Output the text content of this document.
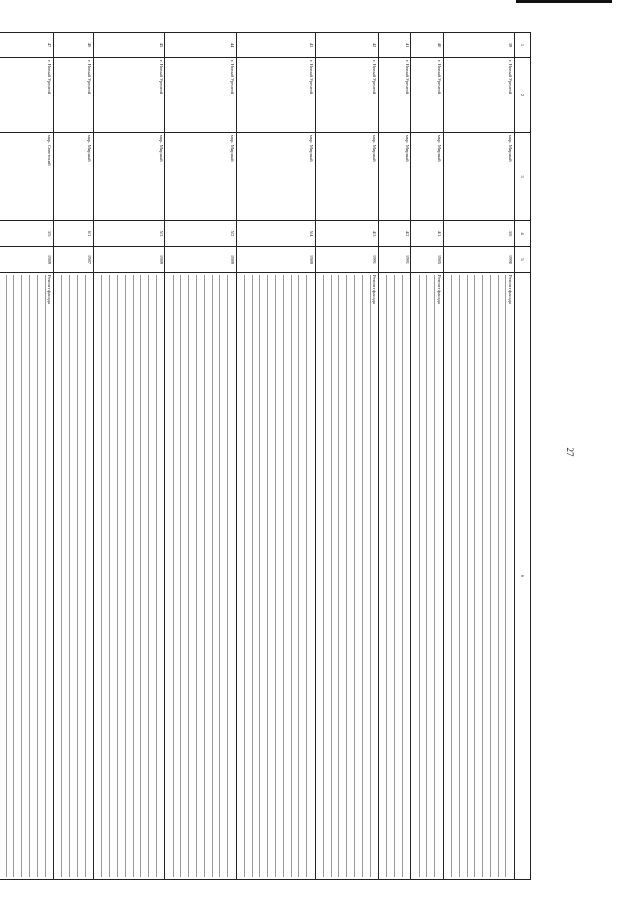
27
1	2	3	4	5	6
39	г. Новый Уренгой	мкр. Мирный	3/6	1990	Ремонт фасада

40	г. Новый Уренгой	мкр. Мирный	4/1	1985	Ремонт фасада

41	г. Новый Уренгой	мкр. Мирный	4/2	1991	

42	г. Новый Уренгой	мкр. Мирный	4/3	1991	Ремонт фасада

43	г. Новый Уренгой	мкр. Мирный	5/4	1989	

44	г. Новый Уренгой	мкр. Мирный	5/2	1989	

45	г. Новый Уренгой	мкр. Мирный	5/3	1989	

46	г. Новый Уренгой	мкр. Мирный	6/1	1987	

47	г. Новый Уренгой	мкр. Советский	3/5	1989	Ремонт фасада
